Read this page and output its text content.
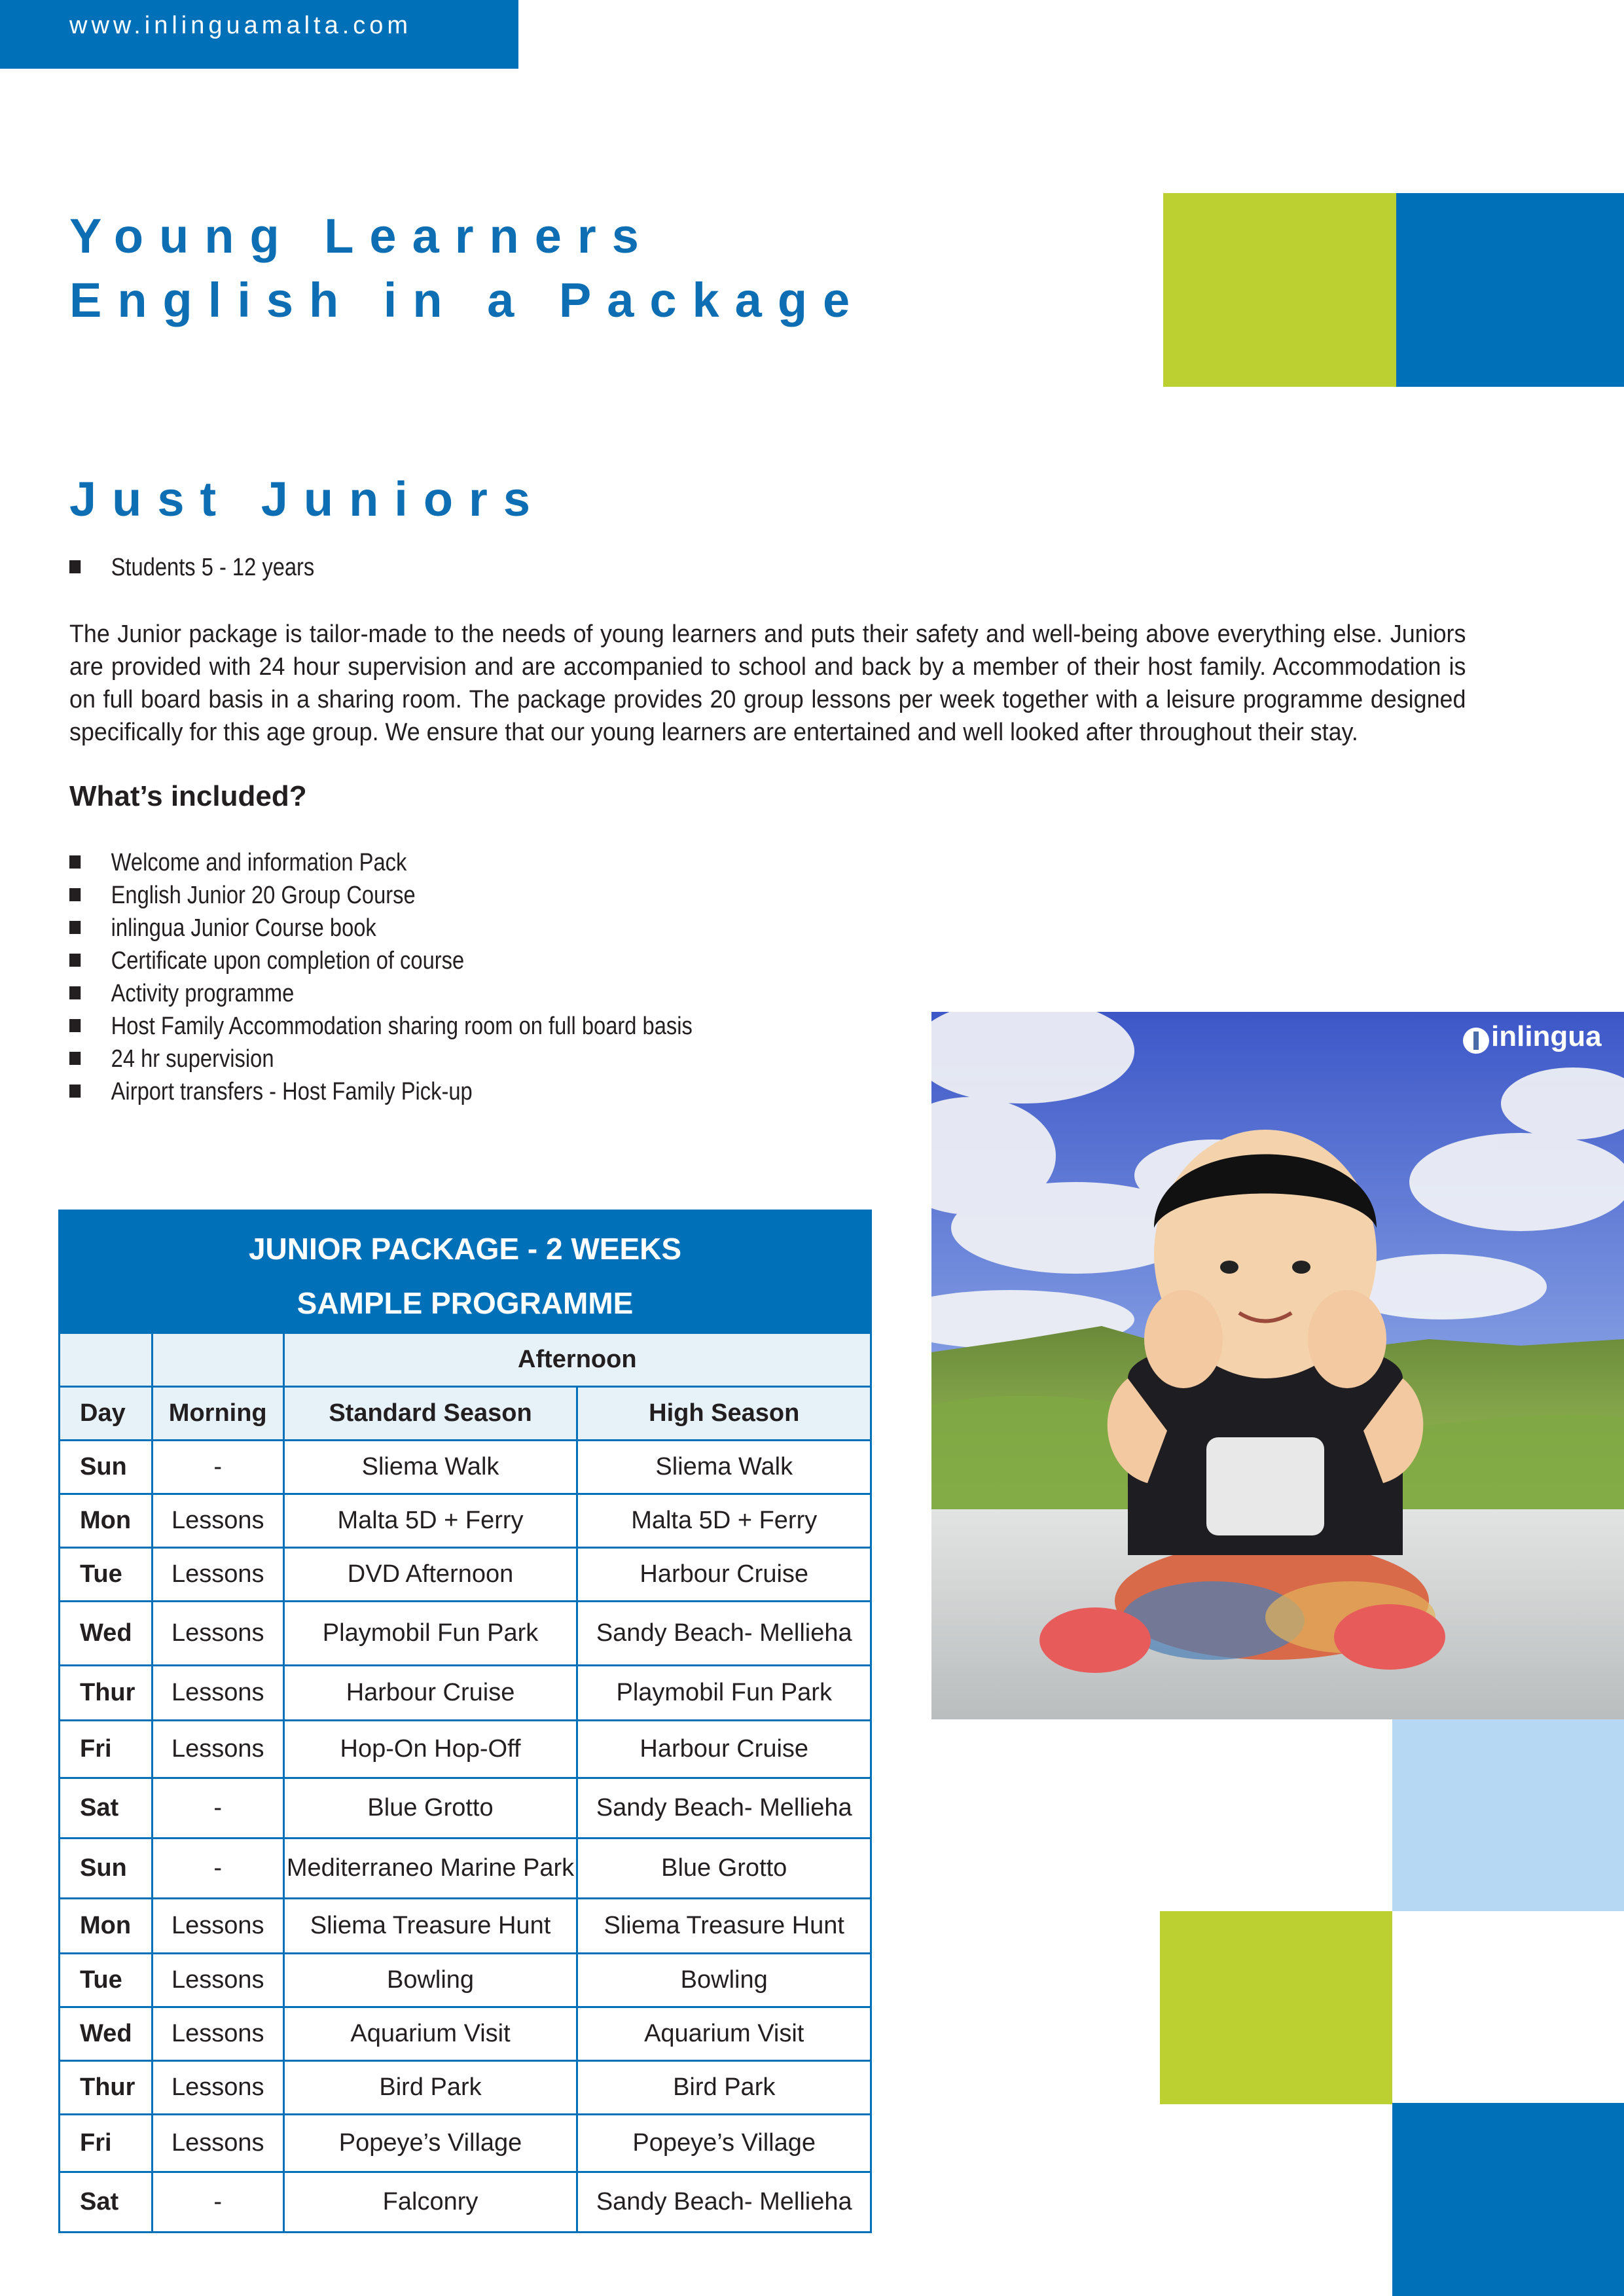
www.inlinguamalta.com
Young Learners
English in a Package
Just Juniors
Students 5 - 12 years
The Junior package is tailor-made to the needs of young learners and puts their safety and well-being above everything else. Juniors are provided with 24 hour supervision and are accompanied to school and back by a member of their host family. Accommodation is on full board basis in a sharing room. The package provides 20 group lessons per week together with a leisure programme designed specifically for this age group. We ensure that our young learners are entertained and well looked after throughout their stay.
What’s included?
Welcome and information Pack
English Junior 20 Group Course
inlingua Junior Course book
Certificate upon completion of course
Activity programme
Host Family Accommodation sharing room on full board basis
24 hr supervision
Airport transfers - Host Family Pick-up
inlingua
JUNIOR PACKAGE - 2 WEEKS			
SAMPLE PROGRAMME			
		Afternoon	
Day	Morning	Standard Season	High Season
Sun	-	Sliema Walk	Sliema Walk
Mon	Lessons	Malta 5D + Ferry	Malta 5D + Ferry
Tue	Lessons	DVD Afternoon	Harbour Cruise
Wed	Lessons	Playmobil Fun Park	Sandy Beach- Mellieha
Thur	Lessons	Harbour Cruise	Playmobil Fun Park
Fri	Lessons	Hop-On Hop-Off	Harbour Cruise
Sat	-	Blue Grotto	Sandy Beach- Mellieha
Sun	-	Mediterraneo Marine Park	Blue Grotto
Mon	Lessons	Sliema Treasure Hunt	Sliema Treasure Hunt
Tue	Lessons	Bowling	Bowling
Wed	Lessons	Aquarium Visit	Aquarium Visit
Thur	Lessons	Bird Park	Bird Park
Fri	Lessons	Popeye’s Village	Popeye’s Village
Sat	-	Falconry	Sandy Beach- Mellieha
